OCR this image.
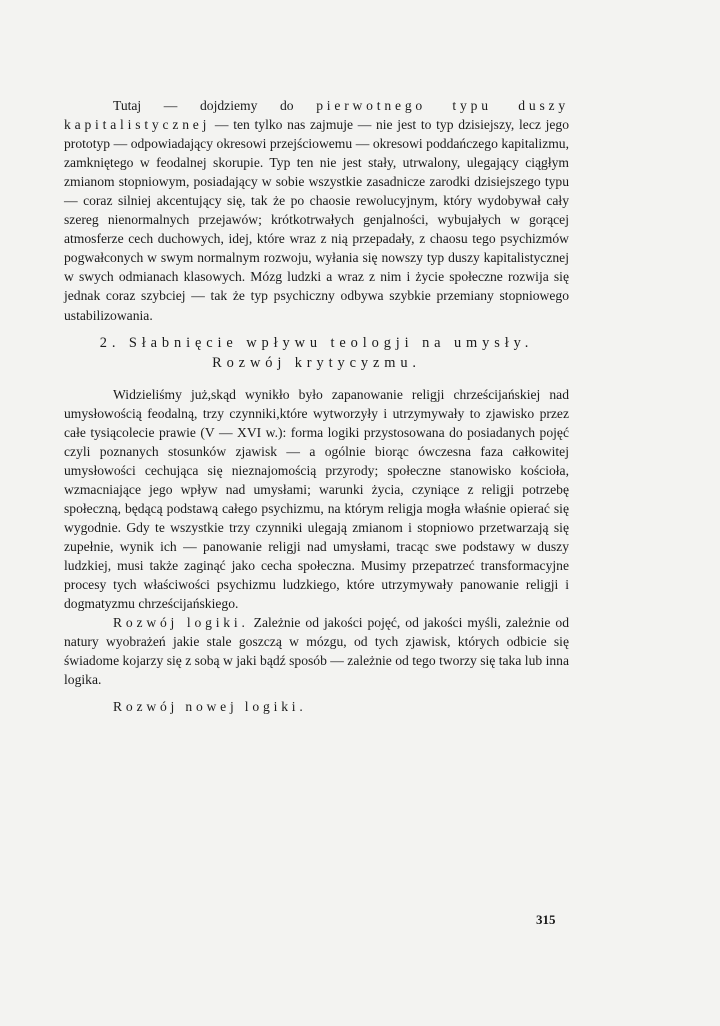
Tutaj — dojdziemy do pierwotnego typu duszy kapitalistycznej — ten tylko nas zajmuje — nie jest to typ dzisiejszy, lecz jego prototyp — odpowiadający okresowi przejściowemu — okresowi poddańczego kapitalizmu, zamkniętego w feodalnej skorupie. Typ ten nie jest stały, utrwalony, ulegający ciągłym zmianom stopniowym, posiadający w sobie wszystkie zasadnicze zarodki dzisiejszego typu — coraz silniej akcentujący się, tak że po chaosie rewolucyjnym, który wydobywał cały szereg nienormalnych przejawów; krótkotrwałych genjalności, wybujałych w gorącej atmosferze cech duchowych, idej, które wraz z nią przepadały, z chaosu tego psychizmów pogwałconych w swym normalnym rozwoju, wyłania się nowszy typ duszy kapitalistycznej w swych odmianach klasowych. Mózg ludzki a wraz z nim i życie społeczne rozwija się jednak coraz szybciej — tak że typ psychiczny odbywa szybkie przemiany stopniowego ustabilizowania.

2. Słabnięcie wpływu teologji na umysły.
Rozwój krytycyzmu.

Widzieliśmy już,skąd wynikło było zapanowanie religji chrześcijańskiej nad umysłowością feodalną, trzy czynniki,które wytworzyły i utrzymywały to zjawisko przez całe tysiącolecie prawie (V — XVI w.): forma logiki przystosowana do posiadanych pojęć czyli poznanych stosunków zjawisk — a ogólnie biorąc ówczesna faza całkowitej umysłowości cechująca się nieznajomością przyrody; społeczne stanowisko kościoła, wzmacniające jego wpływ nad umysłami; warunki życia, czyniące z religji potrzebę społeczną, będącą podstawą całego psychizmu, na którym religja mogła właśnie opierać się wygodnie. Gdy te wszystkie trzy czynniki ulegają zmianom i stopniowo przetwarzają się zupełnie, wynik ich — panowanie religji nad umysłami, tracąc swe podstawy w duszy ludzkiej, musi także zaginąć jako cecha społeczna. Musimy przepatrzeć transformacyjne procesy tych właściwości psychizmu ludzkiego, które utrzymywały panowanie religji i dogmatyzmu chrześcijańskiego.

Rozwój logiki. Zależnie od jakości pojęć, od jakości myśli, zależnie od natury wyobrażeń jakie stale goszczą w mózgu, od tych zjawisk, których odbicie się świadome kojarzy się z sobą w jaki bądź sposób — zależnie od tego tworzy się taka lub inna logika.

Rozwój nowej logiki.

315
